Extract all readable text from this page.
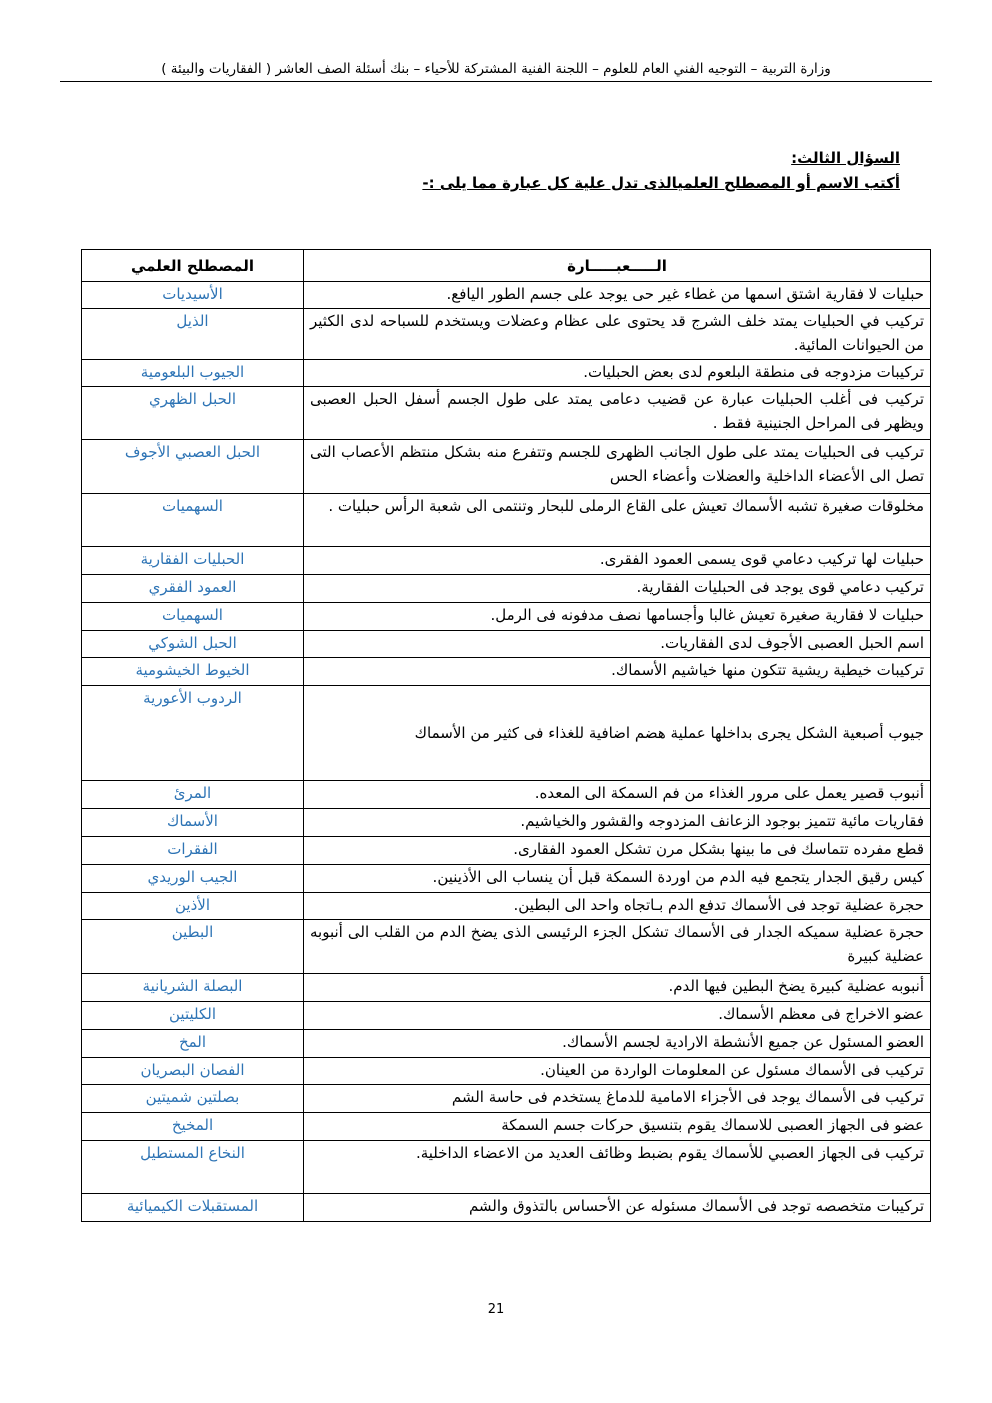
وزارة التربية – التوجيه الفني العام للعلوم – اللجنة الفنية المشتركة للأحياء – بنك أسئلة الصف العاشر ( الفقاريات والبيئة )
السؤال الثالث:
أكتب الاسم أو المصطلح العلميالذى تدل علية كل عبارة مما يلى :-
الـــــعبـــــارة	المصطلح العلمي
حبليات لا فقارية اشتق اسمها من غطاء غير حى يوجد على جسم الطور اليافع.	الأسيديات
تركيب في الحبليات يمتد خلف الشرج قد يحتوى على عظام وعضلات ويستخدم للسباحه لدى الكثير من الحيوانات المائية.	الذيل
تركيبات مزدوجه فى منطقة البلعوم لدى بعض الحبليات.	الجيوب البلعومية
تركيب فى أغلب الحبليات عبارة عن قضيب دعامى يمتد على طول الجسم أسفل الحبل العصبى ويظهر فى المراحل الجنينية فقط .	الحبل الظهري
تركيب فى الحبليات يمتد على طول الجانب الظهرى للجسم وتتفرع منه بشكل منتظم الأعصاب التى تصل الى الأعضاء الداخلية والعضلات وأعضاء الحس	الحبل العصبي الأجوف
مخلوقات صغيرة تشبه الأسماك تعيش على القاع الرملى للبحار وتنتمى الى شعبة الرأس حبليات .	السهميات
حبليات لها تركيب دعامي قوى يسمى العمود الفقرى.	الحبليات الفقارية
تركيب دعامي قوى يوجد فى الحبليات الفقارية.	العمود الفقري
حبليات لا فقارية صغيرة تعيش غالبا وأجسامها نصف مدفونه فى الرمل.	السهميات
اسم الحبل العصبى الأجوف لدى الفقاريات.	الحبل الشوكي
تركيبات خيطية ريشية تتكون منها خياشيم الأسماك.	الخيوط الخيشومية
جيوب أصبعية الشكل يجرى بداخلها عملية هضم اضافية للغذاء فى كثير من الأسماك	الردوب الأعورية
أنبوب قصير يعمل على مرور الغذاء من فم السمكة الى المعده.	المرئ
فقاريات مائية تتميز بوجود الزعانف المزدوجه والقشور والخياشيم.	الأسماك
قطع مفرده تتماسك فى ما بينها بشكل مرن تشكل العمود الفقارى.	الفقرات
كيس رقيق الجدار يتجمع فيه الدم من اوردة السمكة قبل أن ينساب الى الأذينين.	الجيب الوريدي
حجرة عضلية توجد فى الأسماك تدفع الدم بـاتجاه واحد الى البطين.	الأذين
حجرة عضلية سميكه الجدار فى الأسماك تشكل الجزء الرئيسى الذى يضخ الدم من القلب الى أنبوبه عضلية كبيرة	البطين
أنبوبه عضلية كبيرة يضخ البطين فيها الدم.	البصلة الشريانية
عضو الاخراج فى معظم الأسماك.	الكليتين
العضو المسئول عن جميع الأنشطة الارادية لجسم الأسماك.	المخ
تركيب فى الأسماك مسئول عن المعلومات الواردة من العينان.	الفصان البصريان
تركيب فى الأسماك يوجد فى الأجزاء الامامية للدماغ يستخدم فى حاسة الشم	بصلتين شميتين
عضو فى الجهاز العصبى للاسماك يقوم بتنسيق حركات جسم السمكة	المخيخ
تركيب فى الجهاز العصبي للأسماك يقوم بضبط وظائف العديد من الاعضاء الداخلية.	النخاع المستطيل
تركيبات متخصصه توجد فى الأسماك مسئوله عن الأحساس بالتذوق والشم	المستقبلات الكيميائية
21
